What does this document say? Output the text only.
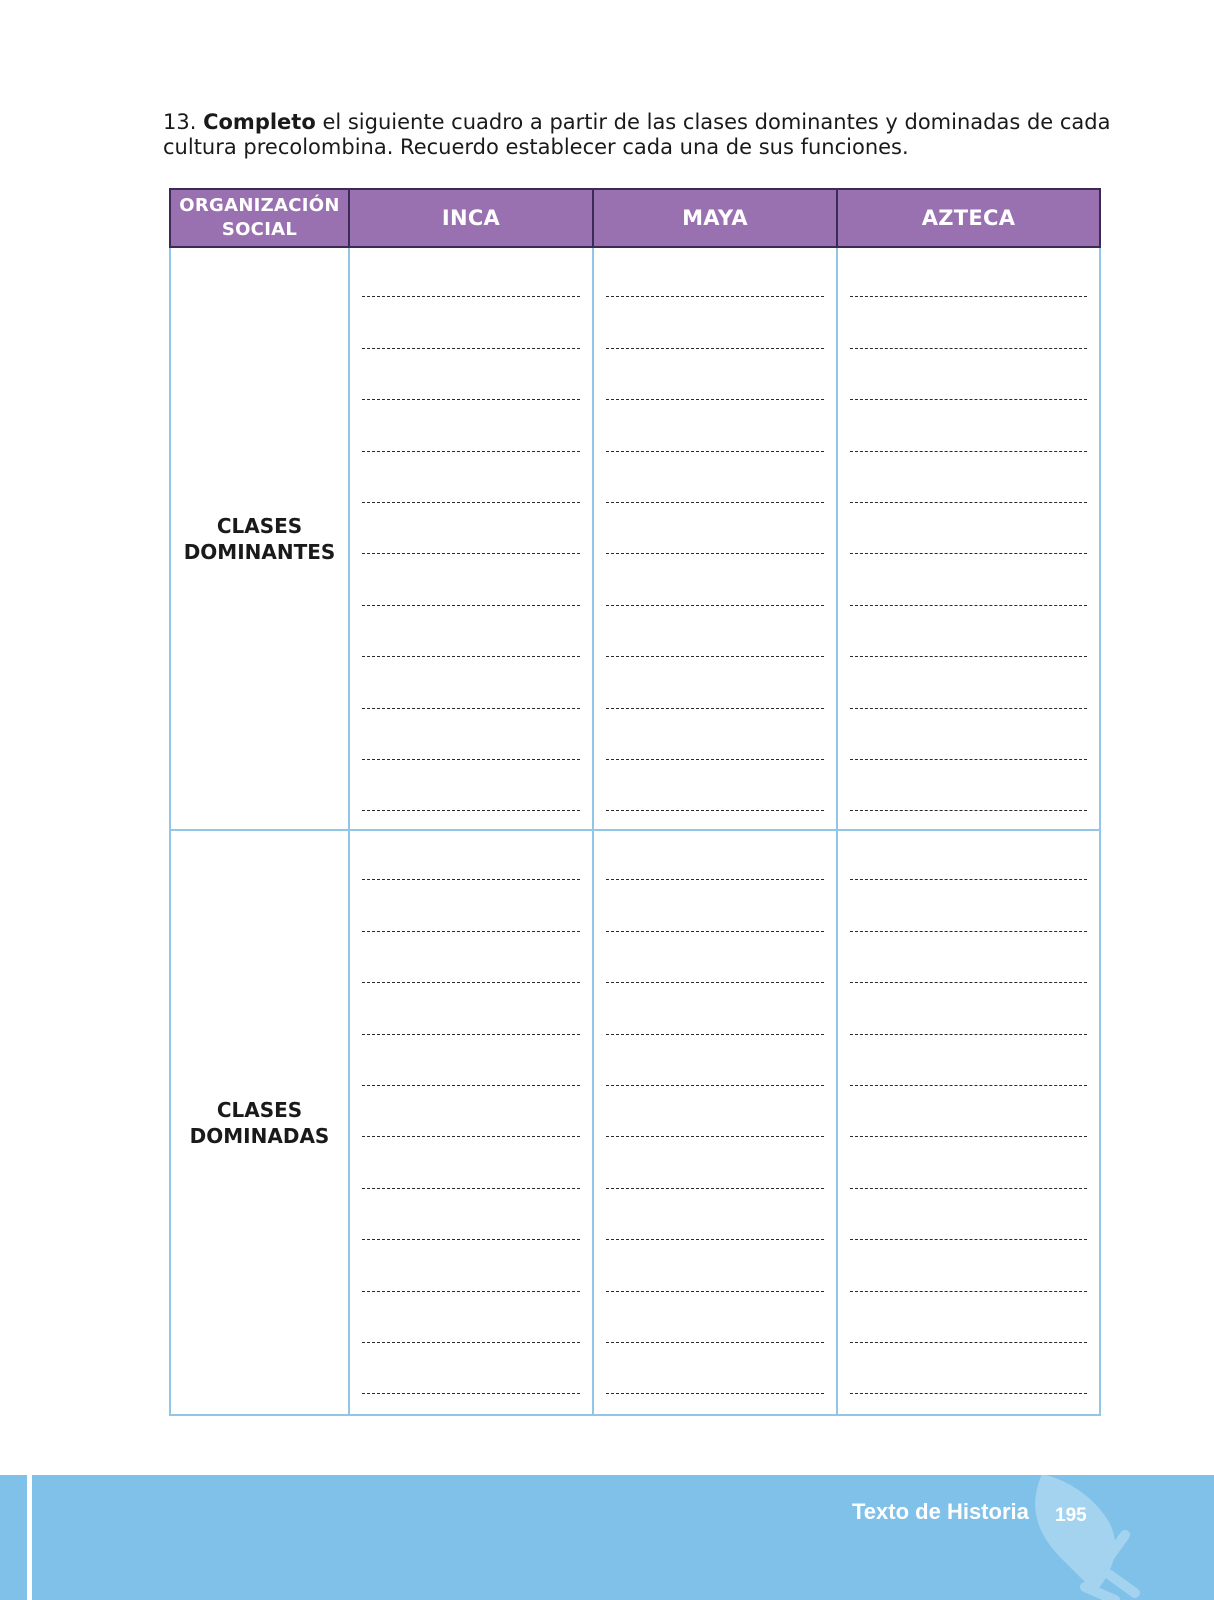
13. Completo el siguiente cuadro a partir de las clases dominantes y dominadas de cada cultura precolombina. Recuerdo establecer cada una de sus funciones.

ORGANIZACIÓN SOCIAL	INCA	MAYA	AZTECA
CLASES DOMINANTES	

CLASES DOMINADAS	

Texto de Historia 195
